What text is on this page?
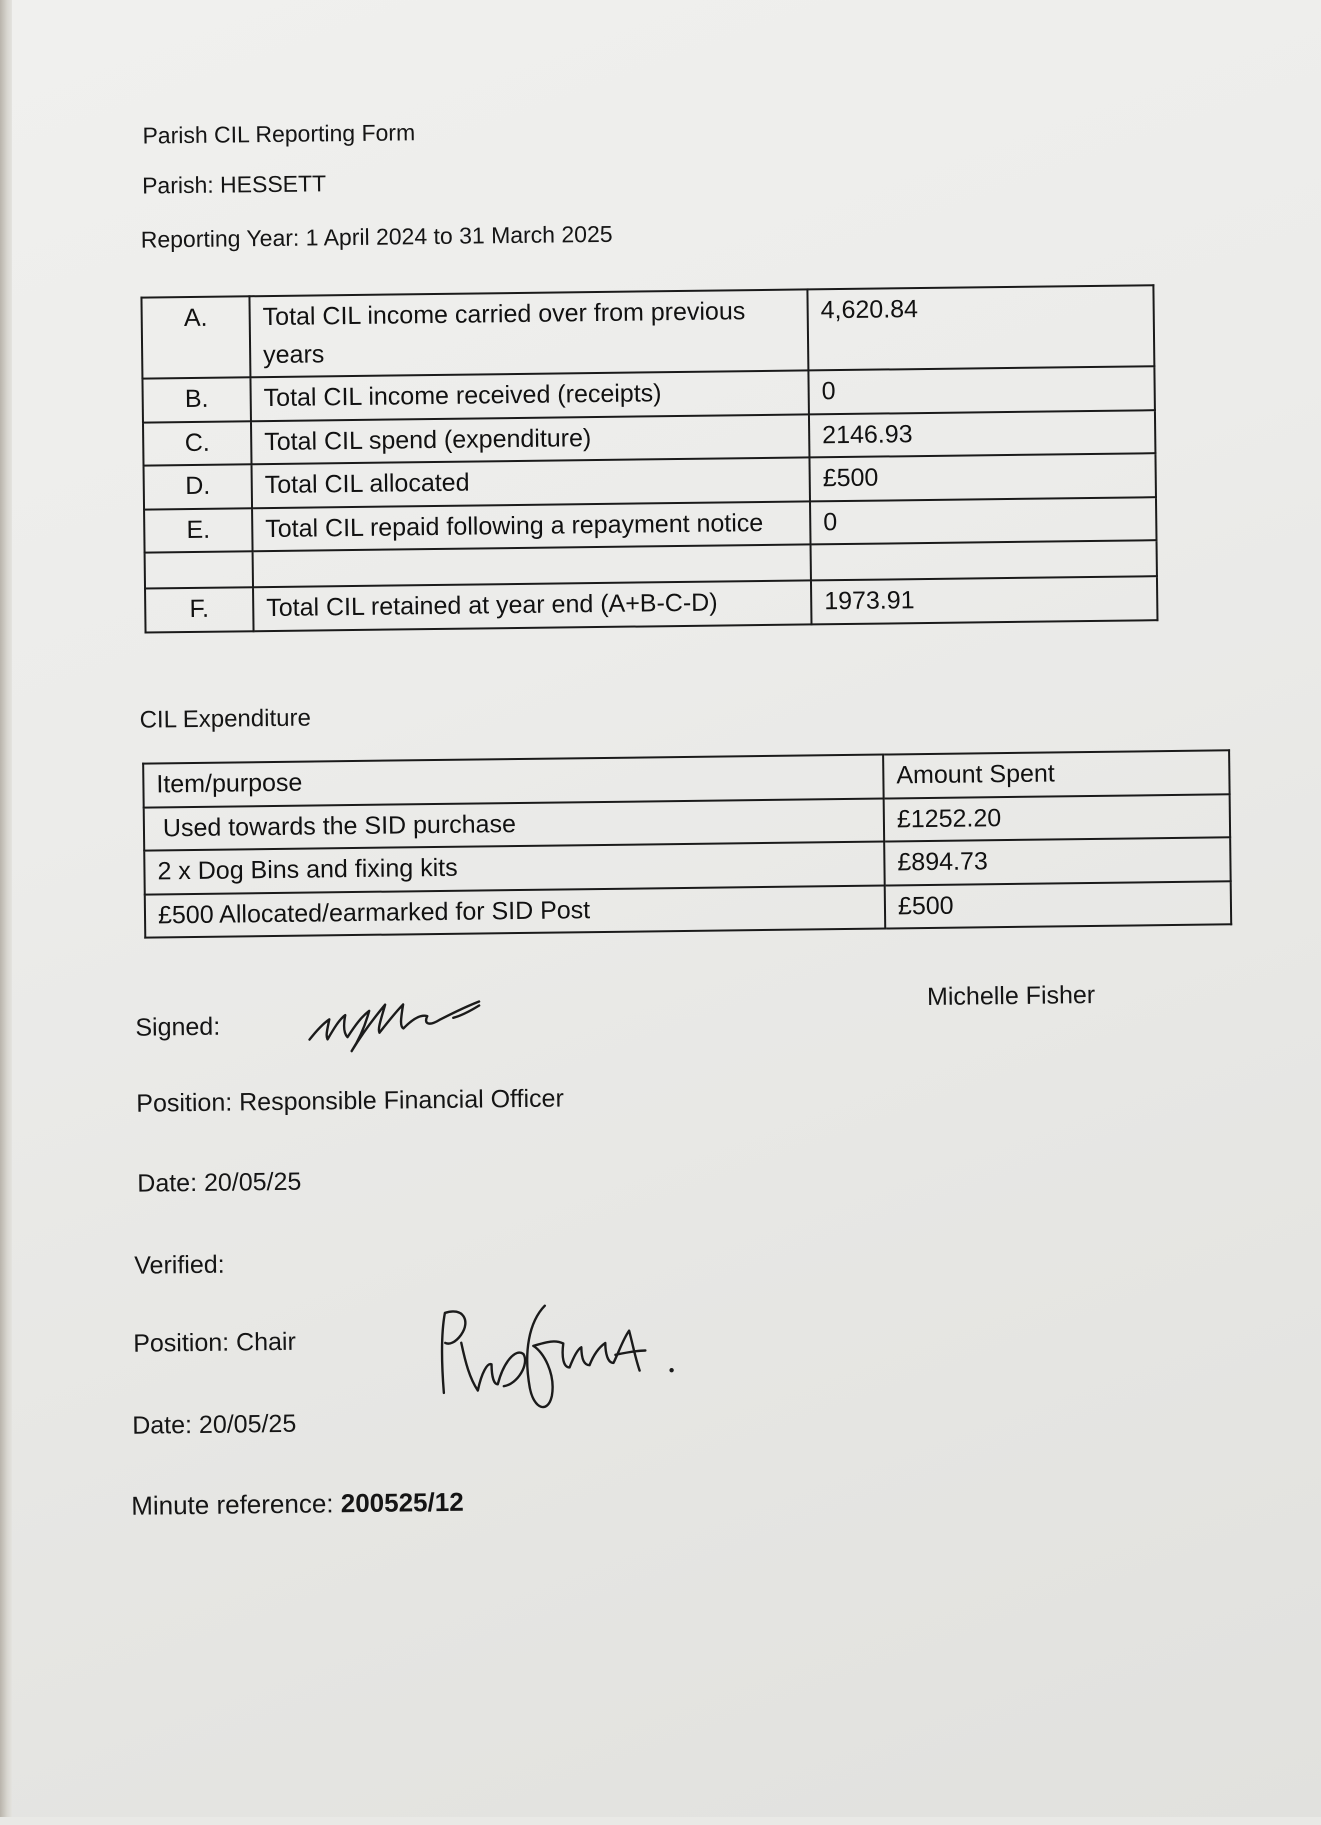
Parish CIL Reporting Form
Parish: HESSETT
Reporting Year: 1 April 2024 to 31 March 2025
A.	Total CIL income carried over from previous years	4,620.84
B.	Total CIL income received (receipts)	0
C.	Total CIL spend (expenditure)	2146.93
D.	Total CIL allocated	£500
E.	Total CIL repaid following a repayment notice	0

F.	Total CIL retained at year end (A+B-C-D)	1973.91
CIL Expenditure
Item/purpose	Amount Spent
Used towards the SID purchase	£1252.20
2 x Dog Bins and fixing kits	£894.73
£500 Allocated/earmarked for SID Post	£500
Signed:
Michelle Fisher
Position: Responsible Financial Officer
Date: 20/05/25
Verified:
Position: Chair
Date: 20/05/25
Minute reference: 200525/12
